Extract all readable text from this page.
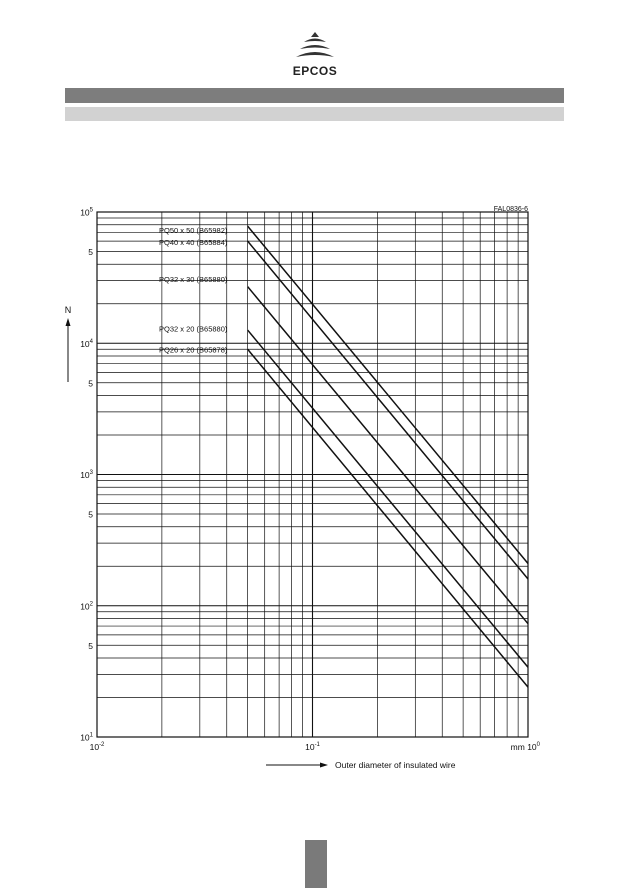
EPCOS
$10^5$
5
$10^4$
5
$10^3$
5
$10^2$
5
$10^1$
$10^{-2}$	$10^{-1}$	mm $10^0$
PQ50 x 50 (B65982)
PQ40 x 40 (B65884)
PQ32 x 30 (B65880)
PQ32 x 20 (B65880)
PQ26 x 20 (B65878)
FAL0836-6
N
Outer diameter of insulated wire
